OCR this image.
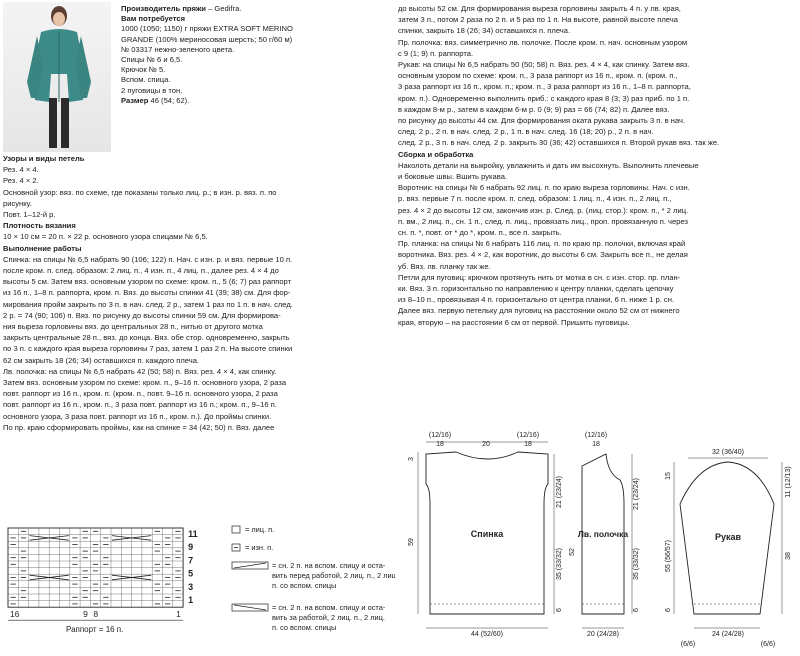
Производитель пряжи – Gedifra.

Вам потребуется

1000 (1050; 1150) г пряжи EXTRA SOFT MERINO

GRANDE (100% мериносовая шерсть; 50 г/60 м)

№ 03317 нежно-зеленого цвета.

Спицы № 6 и 6,5.

Крючок № 5.

Вспом. спица.

2 пуговицы в тон.

Размер 46 (54; 62).

Узоры и виды петель

Рез. 4 × 4.

Рез. 4 × 2.

Основной узор: вяз. по схеме, где показаны только лиц. р.; в изн. р. вяз. п. по

рисунку.

Повт. 1–12-й р.

Плотность вязания

10 × 10 см = 20 п. × 22 р. основного узора спицами № 6,5.

Выполнение работы

Спинка: на спицы № 6,5 набрать 90 (106; 122) п. Нач. с изн. р. и вяз. первые 10 п.

после кром. п. след. образом: 2 лиц. п., 4 изн. п., 4 лиц. п., далее рез. 4 × 4 до

высоты 5 см. Затем вяз. основным узором по схеме: кром. п., 5 (6; 7) раз раппорт

из 16 п., 1–8 п. раппорта, кром. п. Вяз. до высоты спинки 41 (39; 38) см. Для фор-

мирования пройм закрыть по 3 п. в нач. след. 2 р., затем 1 раз по 1 п. в нач. след.

2 р. = 74 (90; 106) п. Вяз. по рисунку до высоты спинки 59 см. Для формирова-

ния выреза горловины вяз. до центральных 28 п., нитью от другого мотка

закрыть центральные 28 п., вяз. до конца. Вяз. обе стор. одновременно, закрыть

по 3 п. с каждого края выреза горловины 7 раз, затем 1 раз 2 п. На высоте спинки

62 см закрыть 18 (26; 34) оставшихся п. каждого плеча.

Лв. полочка: на спицы № 6,5 набрать 42 (50; 58) п. Вяз. рез. 4 × 4, как спинку.

Затем вяз. основным узором по схеме: кром. п., 9–16 п. основного узора, 2 раза

повт. раппорт из 16 п., кром. п. (кром. п., повт. 9–16 п. основного узора, 2 раза

повт. раппорт из 16 п., кром. п., 3 раза повт. раппорт из 16 п.; кром. п., 9–16 п.

основного узора, 3 раза повт. раппорт из 16 п., кром. п.). До проймы спинки.

По пр. краю сформировать проймы, как на спинке = 34 (42; 50) п. Вяз. далее

до высоты 52 см. Для формирования выреза горловины закрыть 4 п. у лв. края,

затем 3 п., потом 2 раза по 2 п. и 5 раз по 1 п. На высоте, равной высоте плеча

спинки, закрыть 18 (26; 34) оставшихся п. плеча.

Пр. полочка: вяз. симметрично лв. полочке. После кром. п. нач. основным узором

с 9 (1; 9) п. раппорта.

Рукав: на спицы № 6,5 набрать 50 (50; 58) п. Вяз. рез. 4 × 4, как спинку. Затем вяз.

основным узором по схеме: кром. п., 3 раза раппорт из 16 п., кром. п. (кром. п.,

3 раза раппорт из 16 п., кром. п.; кром. п., 3 раза раппорт из 16 п., 1–8 п. раппорта,

кром. п.). Одновременно выполнить приб.: с каждого края 8 (3; 3) раз приб. по 1 п.

в каждом 8-м р., затем в каждом 6-м р. 0 (9; 9) раз = 66 (74; 82) п. Далее вяз.

по рисунку до высоты 44 см. Для формирования оката рукава закрыть 3 п. в нач.

след. 2 р., 2 п. в нач. след. 2 р., 1 п. в нач. след. 16 (18; 20) р., 2 п. в нач.

след. 2 р., 3 п. в нач. след. 2 р. закрыть 30 (36; 42) оставшихся п. Второй рукав вяз. так же.

Сборка и обработка

Наколоть детали на выкройку, увлажнить и дать им высохнуть. Выполнить плечевые

и боковые швы. Вшить рукава.

Воротник: на спицы № 6 набрать 92 лиц. п. по краю выреза горловины. Нач. с изн.

р. вяз. первые 7 п. после кром. п. след. образом: 1 лиц. п., 4 изн. п., 2 лиц. п.,

рез. 4 × 2 до высоты 12 см, закончив изн. р. След. р. (лиц. стор.): кром. п., * 2 лиц.

п. вм., 2 лиц. п., сн. 1 п., след. п. лиц., провязать лиц., проп. провязанную п. через

сн. п. *, повт. от * до *, кром. п., все п. закрыть.

Пр. планка: на спицы № 6 набрать 116 лиц. п. по краю пр. полочки, включая край

воротника. Вяз. рез. 4 × 2, как воротник, до высоты 6 см. Закрыть все п., не делая

уб. Вяз. лв. планку так же.

Петли для пуговиц: крючком протянуть нить от мотка в сн. с изн. стор. пр. план-

ки. Вяз. 3 п. горизонтально по направлению к центру планки, сделать цепочку

из 8–10 п., провязывая 4 п. горизонтально от центра планки, 6 п. ниже 1 р. сн.

Далее вяз. первую петельку для пуговиц на расстоянии около 52 см от нижнего

края, вторую – на расстоянии 6 см от первой. Пришить пуговицы.

11
9
7
5
3
1
16	9 8	1
Раппорт = 16 п.
= лиц. п.
= изн. п.
= сн. 2 п. на вспом. спицу и оста-
вить перед работой, 2 лиц. п., 2 лиц.
п. со вспом. спицы
= сн. 2 п. на вспом. спицу и оста-
вить за работой, 2 лиц. п., 2 лиц.
п. со вспом. спицы
(12/16)	(12/16)
18	20	18
Спинка
44 (52/60)
3
59
21 (23/24)
35 (33/32)
6
(12/16)
18
Лв. полочка
20 (24/28)
52
21 (23/24)
35 (33/32)
6
32 (36/40)
Рукав
24 (24/28)
(6/6)	(6/6)
15
55 (56/57)
6
11 (12/13)
38
